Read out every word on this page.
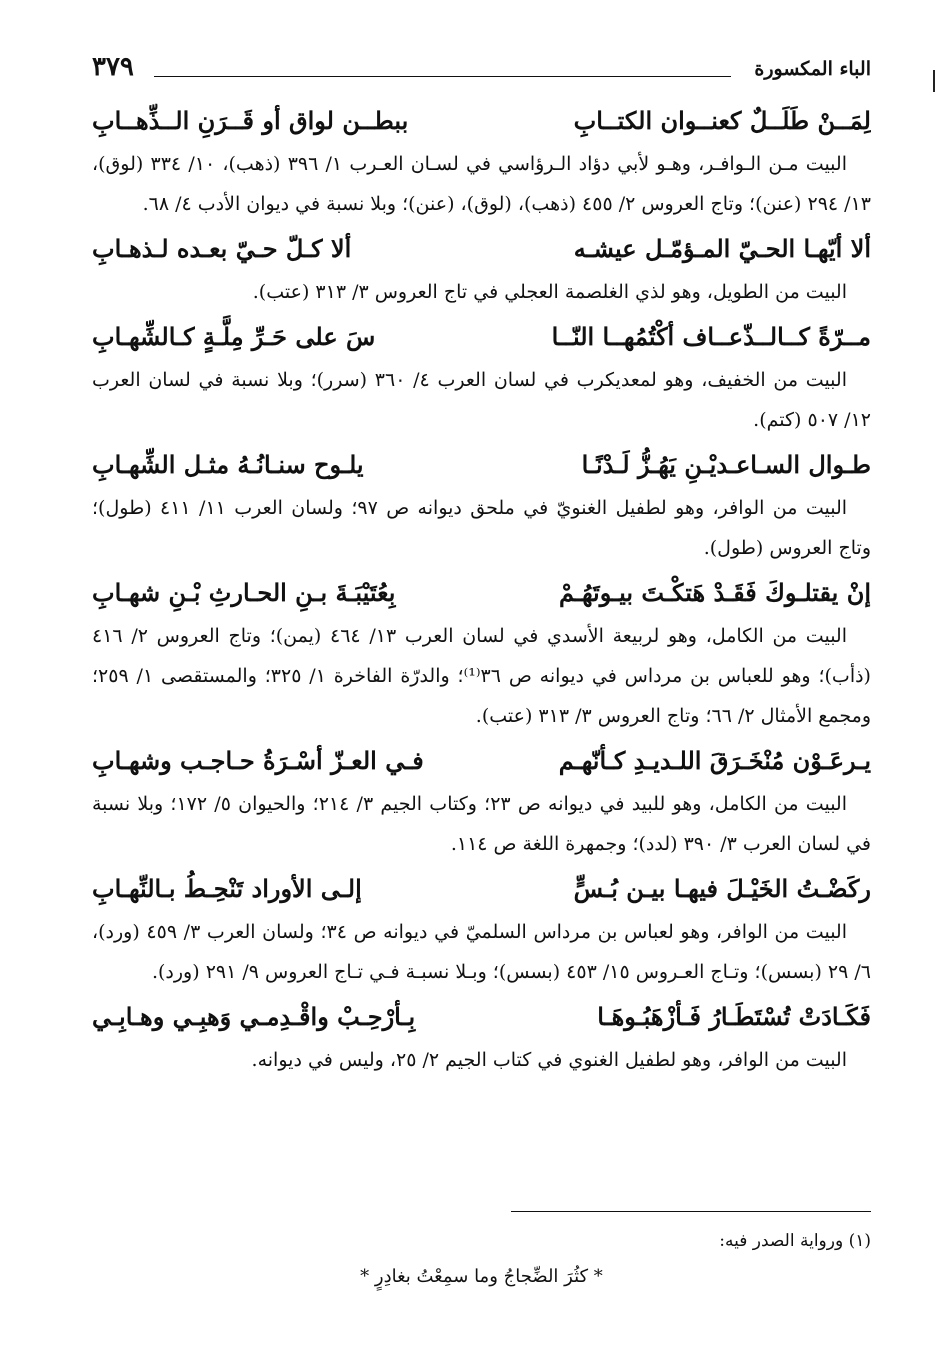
الباء المكسورة
٣٧٩
لِمَــنْ طَلَــلٌ كعنــوان الكتــابِ
ببطــن لواق أو قَــرَنِ الــذِّهــابِ

البيت مـن الـوافـر، وهـو لأبي دؤاد الـرؤاسي في لسـان العـرب ١/ ٣٩٦ (ذهب)، ١٠/ ٣٣٤ (لوق)، ١٣/ ٢٩٤ (عنن)؛ وتاج العروس ٢/ ٤٥٥ (ذهب)، (لوق)، (عنن)؛ وبلا نسبة في ديوان الأدب ٤/ ٦٨.

ألا أيّهـا الحـيّ المـؤمّـل عيشـه
ألا كـلّ حـيّ بعـده لـذهـابِ

البيت من الطويل، وهو لذي الغلصمة العجلي في تاج العروس ٣/ ٣١٣ (عتب).

مــرّةً كــالــذّعــاف أكْتُمُهــا النّــا
سَ على حَـرِّ مِلَّـةٍ كـالشِّهـابِ

البيت من الخفيف، وهو لمعديكرب في لسان العرب ٤/ ٣٦٠ (سرر)؛ وبلا نسبة في لسان العرب ١٢/ ٥٠٧ (كتم).

طـوال السـاعـديْـنِ يَهُـزُّ لَـدْنًـا
يلـوح سنـانُـهُ مثـل الشِّهـابِ

البيت من الوافر، وهو لطفيل الغنويّ في ملحق ديوانه ص ٩٧؛ ولسان العرب ١١/ ٤١١ (طول)؛ وتاج العروس (طول).

إنْ يقتلـوكَ فَقَـدْ هَتكْـتَ بيـوتَهُـمْ
بِعُتَيْبَـةَ بـنِ الحـارثِ بْـنِ شهـابِ

البيت من الكامل، وهو لربيعة الأسدي في لسان العرب ١٣/ ٤٦٤ (يمن)؛ وتاج العروس ٢/ ٤١٦ (ذأب)؛ وهو للعباس بن مرداس في ديوانه ص ٣٦⁽¹⁾؛ والدرّة الفاخرة ١/ ٣٢٥؛ والمستقصى ١/ ٢٥٩؛ ومجمع الأمثال ٢/ ٦٦؛ وتاج العروس ٣/ ٣١٣ (عتب).

يـرعَـوْن مُنْخَـرَقَ اللـديـدِ كـأنّهـم
فـي العـزّ أسْـرَةُ حـاجـب وشهـابِ

البيت من الكامل، وهو للبيد في ديوانه ص ٢٣؛ وكتاب الجيم ٣/ ٢١٤؛ والحيوان ٥/ ١٧٢؛ وبلا نسبة في لسان العرب ٣/ ٣٩٠ (لدد)؛ وجمهرة اللغة ص ١١٤.

ركَضْـتُ الخَيْـلَ فيهـا بيـن بُـسٍّ
إلـى الأوراد تَنْحِـطُ بـالنِّهـابِ

البيت من الوافر، وهو لعباس بن مرداس السلميّ في ديوانه ص ٣٤؛ ولسان العرب ٣/ ٤٥٩ (ورد)، ٦/ ٢٩ (بسس)؛ وتـاج العـروس ١٥/ ٤٥٣ (بسس)؛ وبـلا نسبـة فـي تـاج العروس ٩/ ٢٩١ (ورد).

فَكَـادَتْ تُسْتَطَـارُ فَـأزْهَبُـوهَـا
بِـأرْحِـبْ واقْـدِمـي وَهبِـي وهـابِـي

البيت من الوافر، وهو لطفيل الغنوي في كتاب الجيم ٢/ ٢٥، وليس في ديوانه.

(١) ورواية الصدر فيه:
* كثُرَ الضِّجاجُ وما سمِعْتُ بغادِرٍ *
